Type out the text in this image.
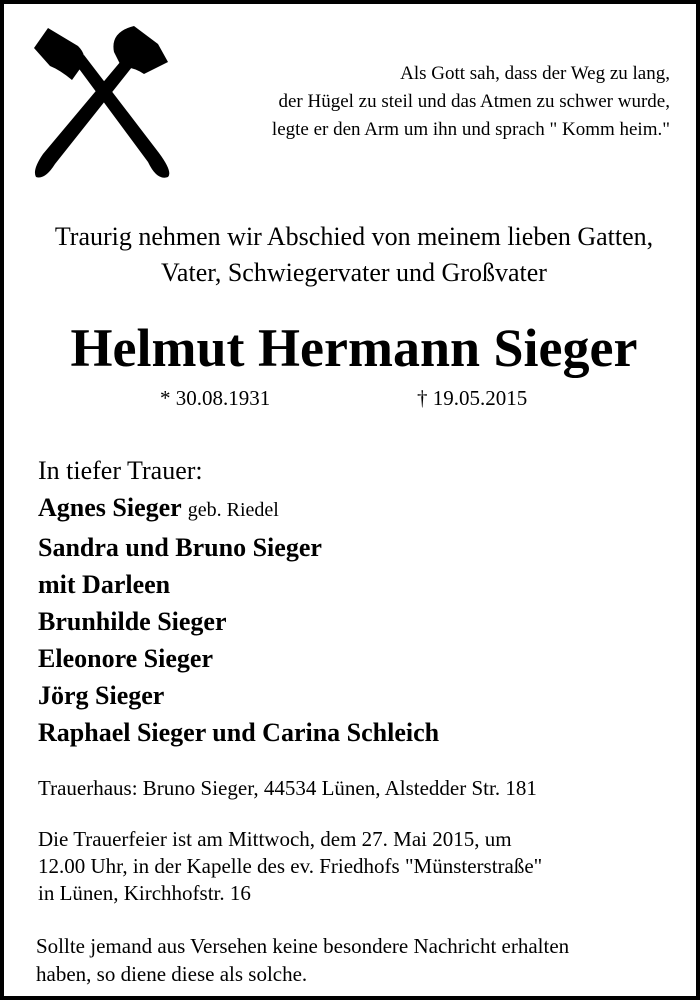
Als Gott sah, dass der Weg zu lang,
der Hügel zu steil und das Atmen zu schwer wurde,
legte er den Arm um ihn und sprach " Komm heim."
Traurig nehmen wir Abschied von meinem lieben Gatten,
Vater, Schwiegervater und Großvater
Helmut Hermann Sieger
* 30.08.1931	† 19.05.2015
In tiefer Trauer:
Agnes Sieger geb. Riedel
Sandra und Bruno Sieger
mit Darleen
Brunhilde Sieger
Eleonore Sieger
Jörg Sieger
Raphael Sieger und Carina Schleich
Trauerhaus: Bruno Sieger, 44534 Lünen, Alstedder Str. 181
Die Trauerfeier ist am Mittwoch, dem 27. Mai 2015, um
12.00 Uhr, in der Kapelle des ev. Friedhofs "Münsterstraße"
in Lünen, Kirchhofstr. 16
Sollte jemand aus Versehen keine besondere Nachricht erhalten
haben, so diene diese als solche.
